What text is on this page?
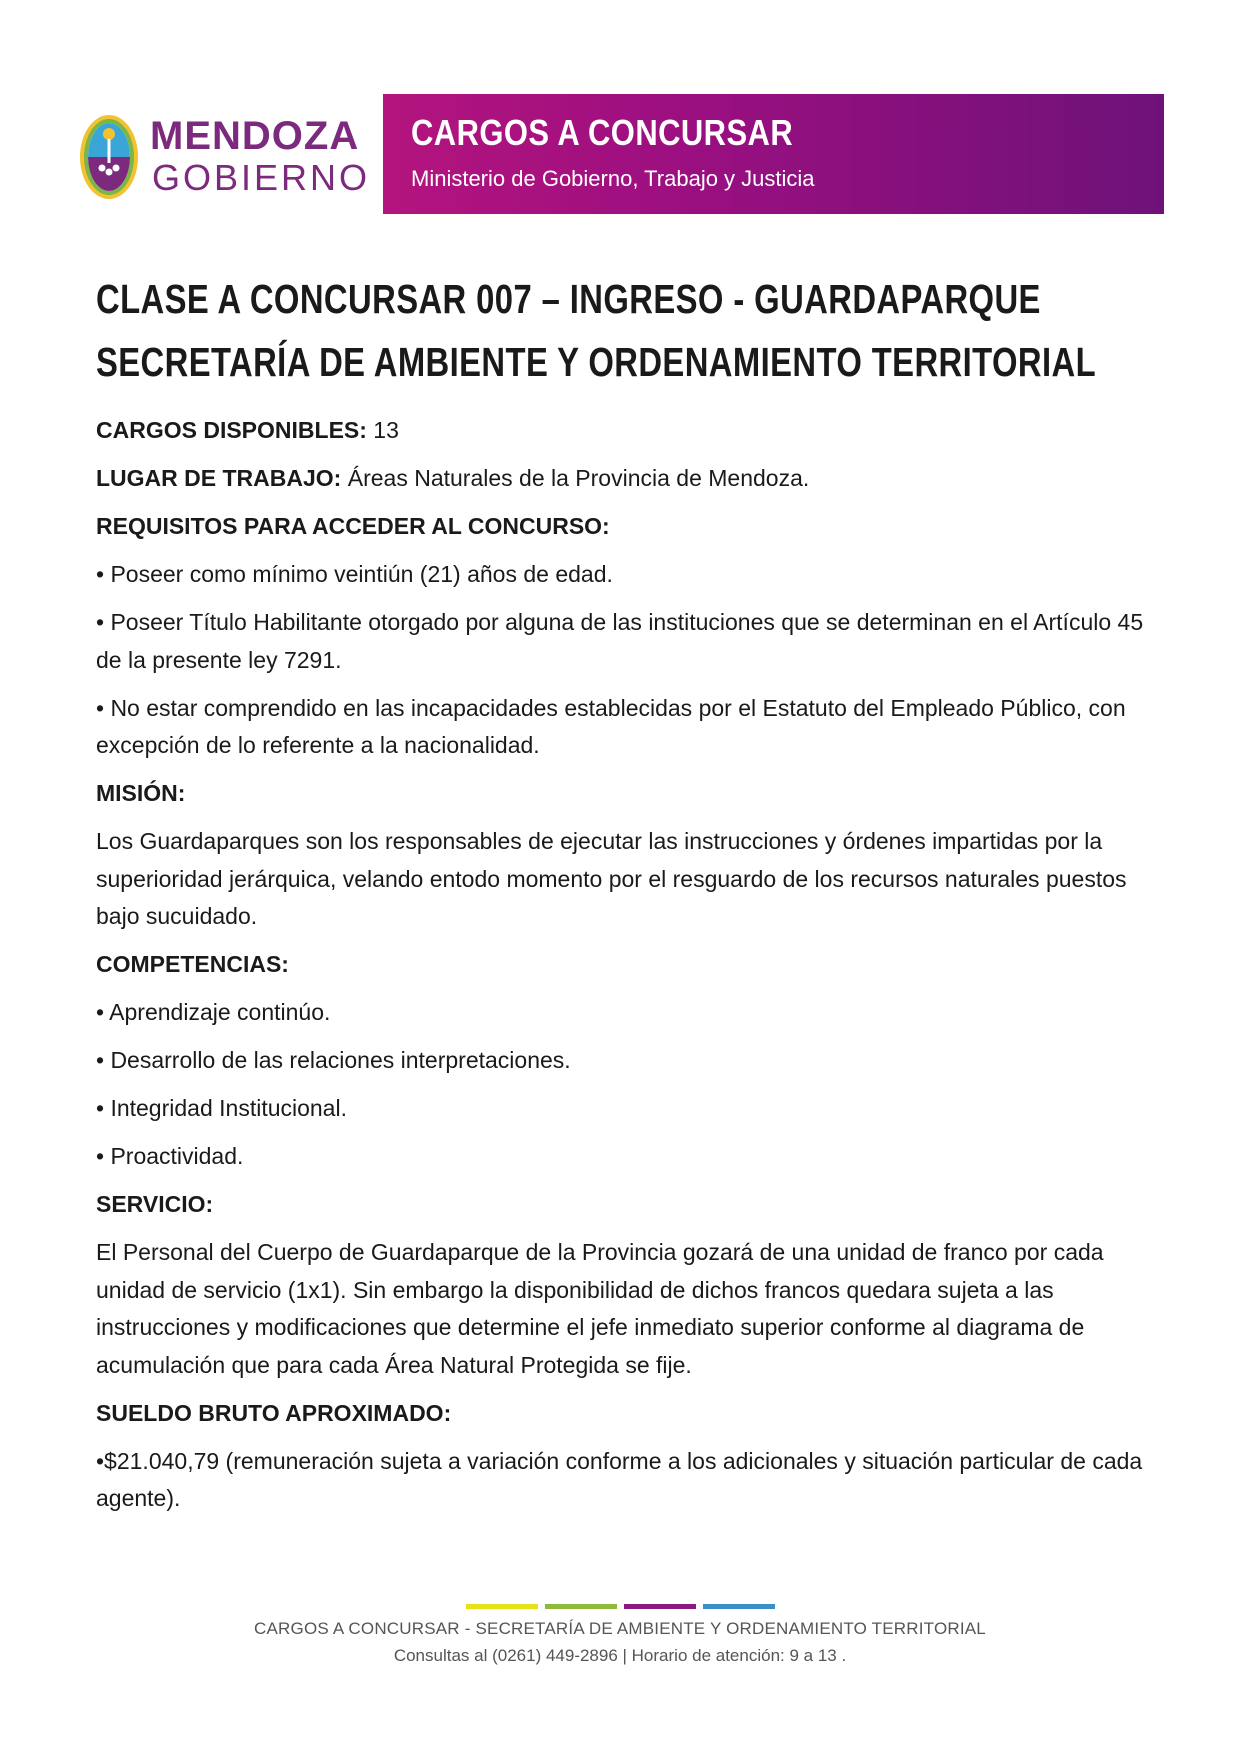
MENDOZA
GOBIERNO
CARGOS A CONCURSAR
Ministerio de Gobierno, Trabajo y Justicia
CLASE A CONCURSAR 007 – INGRESO - GUARDAPARQUE
SECRETARÍA DE AMBIENTE Y ORDENAMIENTO TERRITORIAL

CARGOS DISPONIBLES: 13

LUGAR DE TRABAJO: Áreas Naturales de la Provincia de Mendoza.

REQUISITOS PARA ACCEDER AL CONCURSO:

• Poseer como mínimo veintiún (21) años de edad.

• Poseer Título Habilitante otorgado por alguna de las instituciones que se determinan en el Artículo 45 de la presente ley 7291.

• No estar comprendido en las incapacidades establecidas por el Estatuto del Empleado Público, con excepción de lo referente a la nacionalidad.

MISIÓN:

Los Guardaparques son los responsables de ejecutar las instrucciones y órdenes impartidas por la superioridad jerárquica, velando entodo momento por el resguardo de los recursos naturales puestos bajo sucuidado.

COMPETENCIAS:

• Aprendizaje continúo.

• Desarrollo de las relaciones interpretaciones.

• Integridad Institucional.

• Proactividad.

SERVICIO:

El Personal del Cuerpo de Guardaparque de la Provincia gozará de una unidad de franco por cada unidad de servicio (1x1). Sin embargo la disponibilidad de dichos francos quedara sujeta a las instrucciones y modificaciones que determine el jefe inmediato superior conforme al diagrama de acumulación que para cada Área Natural Protegida se fije.

SUELDO BRUTO APROXIMADO:

•$21.040,79 (remuneración sujeta a variación conforme a los adicionales y situación particular de cada agente).

CARGOS A CONCURSAR - SECRETARÍA DE AMBIENTE Y ORDENAMIENTO TERRITORIAL
Consultas al (0261) 449-2896 | Horario de atención: 9 a 13 .
